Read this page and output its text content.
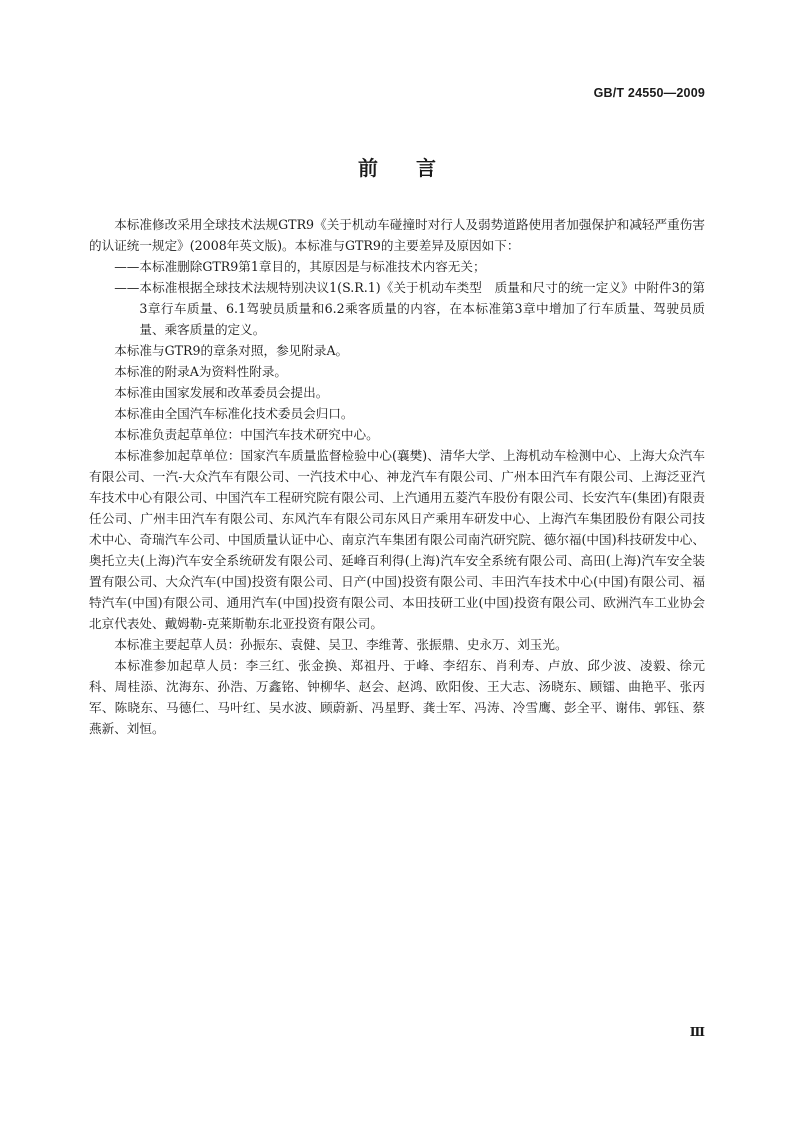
GB/T 24550—2009
前言

本标准修改采用全球技术法规GTR9《关于机动车碰撞时对行人及弱势道路使用者加强保护和减轻严重伤害的认证统一规定》(2008年英文版)。本标准与GTR9的主要差异及原因如下：

——本标准删除GTR9第1章目的，其原因是与标准技术内容无关；

——本标准根据全球技术法规特别决议1(S.R.1)《关于机动车类型　质量和尺寸的统一定义》中附件3的第3章行车质量、6.1驾驶员质量和6.2乘客质量的内容，在本标准第3章中增加了行车质量、驾驶员质量、乘客质量的定义。

本标准与GTR9的章条对照，参见附录A。

本标准的附录A为资料性附录。

本标准由国家发展和改革委员会提出。

本标准由全国汽车标准化技术委员会归口。

本标准负责起草单位：中国汽车技术研究中心。

本标准参加起草单位：国家汽车质量监督检验中心(襄樊)、清华大学、上海机动车检测中心、上海大众汽车有限公司、一汽-大众汽车有限公司、一汽技术中心、神龙汽车有限公司、广州本田汽车有限公司、上海泛亚汽车技术中心有限公司、中国汽车工程研究院有限公司、上汽通用五菱汽车股份有限公司、长安汽车(集团)有限责任公司、广州丰田汽车有限公司、东风汽车有限公司东风日产乘用车研发中心、上海汽车集团股份有限公司技术中心、奇瑞汽车公司、中国质量认证中心、南京汽车集团有限公司南汽研究院、德尔福(中国)科技研发中心、奥托立夫(上海)汽车安全系统研发有限公司、延峰百利得(上海)汽车安全系统有限公司、高田(上海)汽车安全装置有限公司、大众汽车(中国)投资有限公司、日产(中国)投资有限公司、丰田汽车技术中心(中国)有限公司、福特汽车(中国)有限公司、通用汽车(中国)投资有限公司、本田技研工业(中国)投资有限公司、欧洲汽车工业协会北京代表处、戴姆勒-克莱斯勒东北亚投资有限公司。

本标准主要起草人员：孙振东、袁健、吴卫、李维菁、张振鼎、史永万、刘玉光。

本标准参加起草人员：李三红、张金换、郑祖丹、于峰、李绍东、肖利寿、卢放、邱少波、凌毅、徐元科、周桂添、沈海东、孙浩、万鑫铭、钟柳华、赵会、赵鸿、欧阳俊、王大志、汤晓东、顾镭、曲艳平、张丙军、陈晓东、马德仁、马叶红、吴水波、顾蔚新、冯星野、龚士军、冯涛、冷雪鹰、彭全平、谢伟、郭钰、蔡燕新、刘恒。

Ⅲ
